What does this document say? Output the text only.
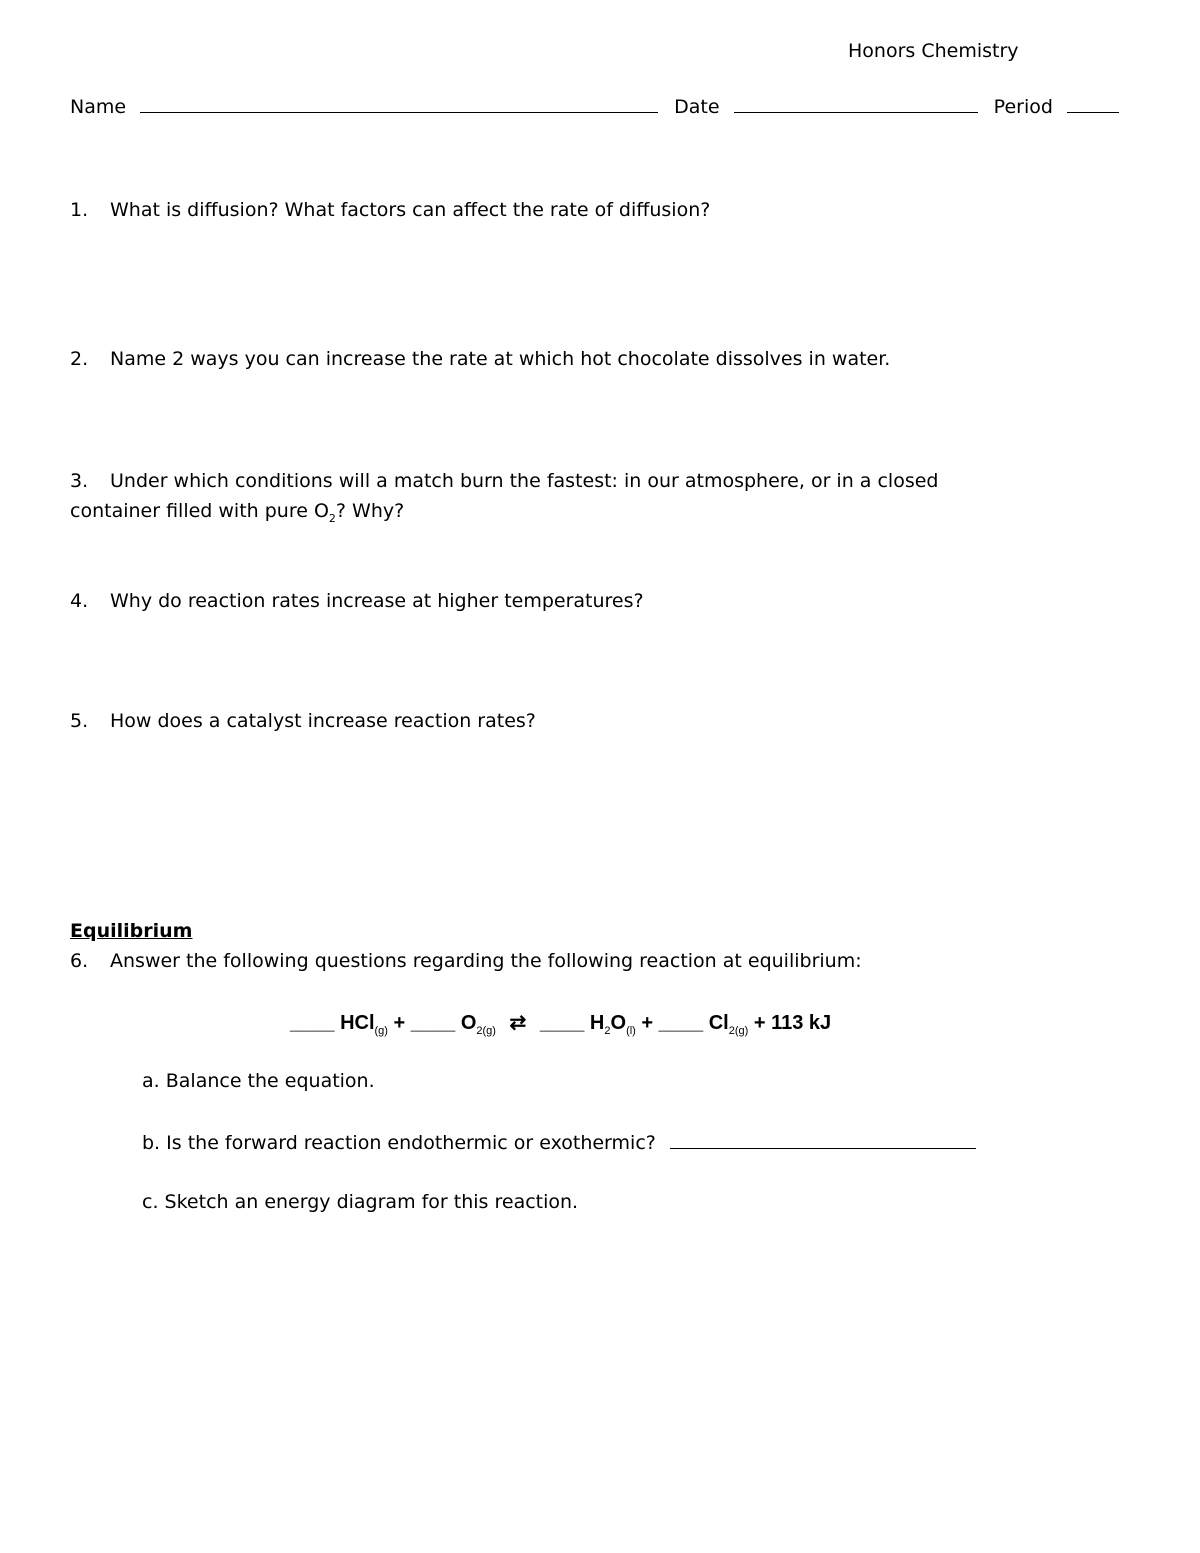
Honors Chemistry
Name	Date	Period
1. What is diffusion? What factors can affect the rate of diffusion?
2. Name 2 ways you can increase the rate at which hot chocolate dissolves in water.
3. Under which conditions will a match burn the fastest: in our atmosphere, or in a closed
container filled with pure $O_2$? Why?
4. Why do reaction rates increase at higher temperatures?
5. How does a catalyst increase reaction rates?
Equilibrium
6. Answer the following questions regarding the following reaction at equilibrium:
____ HCl$_{(g)}$ + ____ $O_{2(g)}$ ⇄ ____ $H_2O_{(l)}$ + ____ $Cl_{2(g)} + 113$ kJ
a. Balance the equation.
b. Is the forward reaction endothermic or exothermic?
c. Sketch an energy diagram for this reaction.
